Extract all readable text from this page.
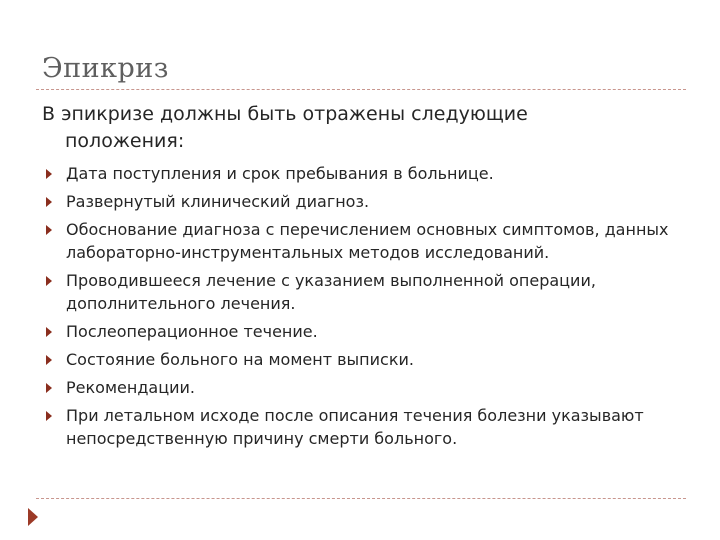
Эпикриз
В эпикризе должны быть отражены следующие
положения:
Дата поступления и срок пребывания в больнице.
Развернутый клинический диагноз.
Обоснование диагноза с перечислением основных симптомов, данных лабораторно-инструментальных методов исследований.
Проводившееся лечение с указанием выполненной операции, дополнительного лечения.
Послеоперационное течение.
Состояние больного на момент выписки.
Рекомендации.
При летальном исходе после описания течения болезни указывают непосредственную причину смерти больного.
